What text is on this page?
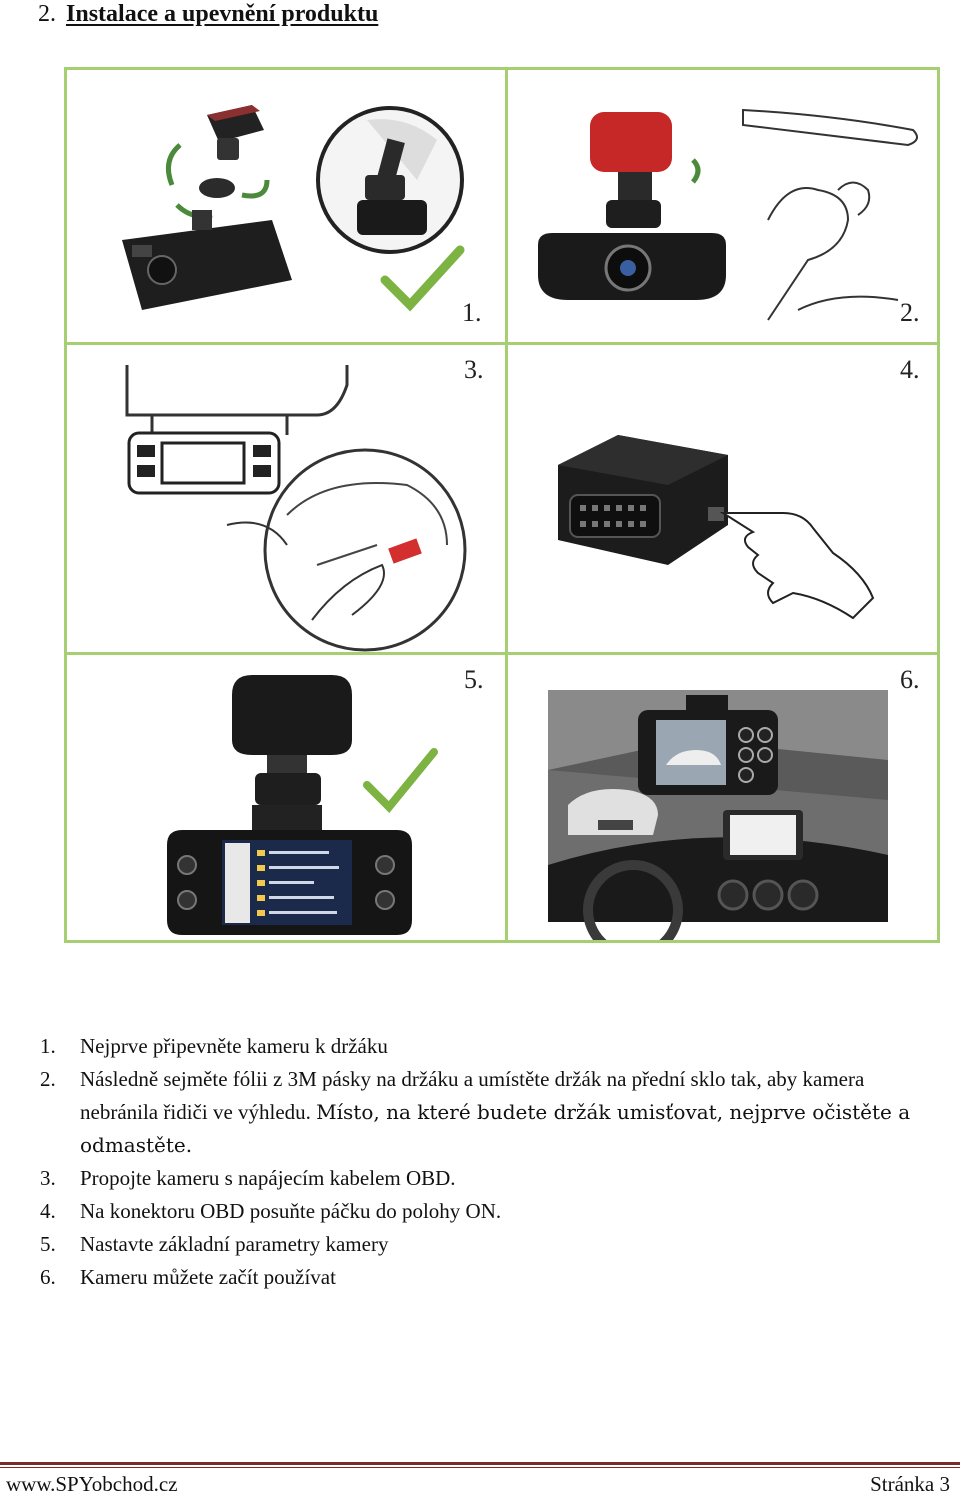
2. Instalace a upevnění produktu
1.	2.
3.	4.
5.	6.
1. Nejprve připevněte kameru k držáku
2. Následně sejměte fólii z 3M pásky na držáku a umístěte držák na přední sklo tak, aby kamera nebránila řidiči ve výhledu. Místo, na které budete držák umisťovat, nejprve očistěte a odmastěte.
3. Propojte kameru s napájecím kabelem OBD.
4. Na konektoru OBD posuňte páčku do polohy ON.
5. Nastavte základní parametry kamery
6. Kameru můžete začít používat
www.SPYobchod.cz	Stránka 3
